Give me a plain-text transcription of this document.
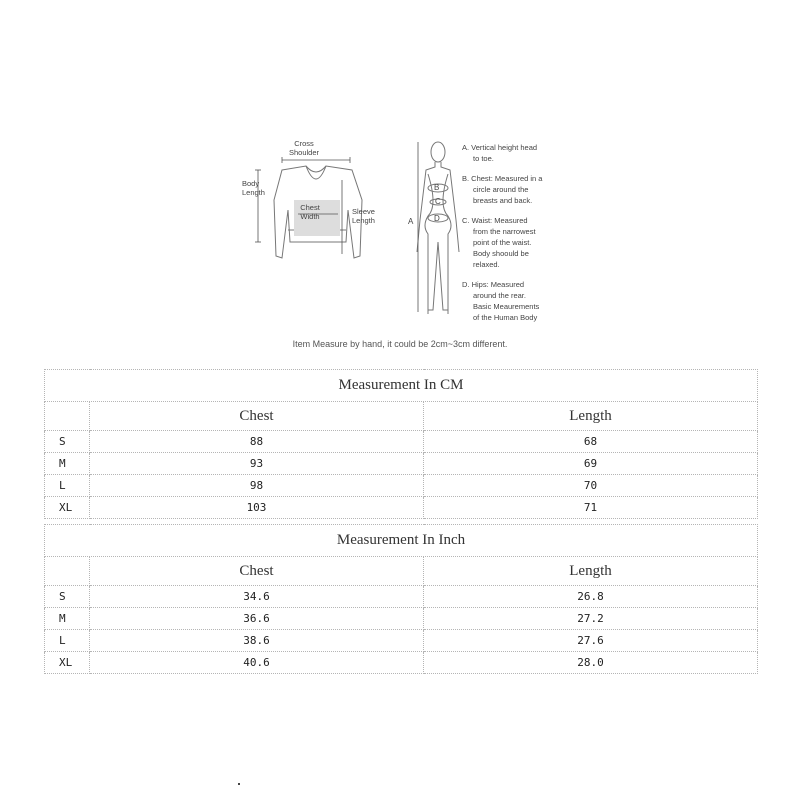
Cross
Shoulder
Body
Length
Chest
Width
Sleeve
Length	A
B
C
D
A. Vertical height head
to toe.
B. Chest: Measured in a
circle around the
breasts and back.
C. Waist: Measured
from the narrowest
point of the waist.
Body shoould be
relaxed.
D. Hips: Measured
around the rear.
Basic Meaurements
of the Human Body
Item Measure by hand, it could be 2cm~3cm different.
Measurement In CM		
	Chest	Length
S	88	68
M	93	69
L	98	70
XL	103	71
Measurement In Inch		
	Chest	Length
S	34.6	26.8
M	36.6	27.2
L	38.6	27.6
XL	40.6	28.0
